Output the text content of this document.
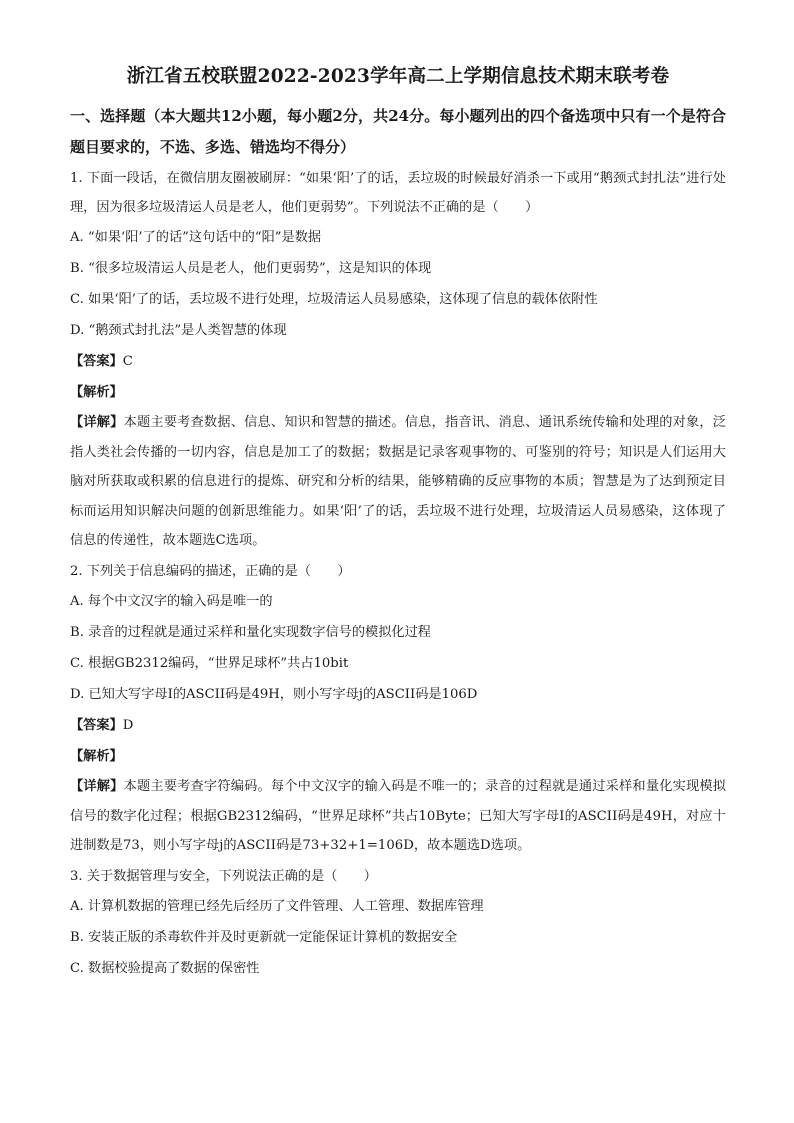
浙江省五校联盟2022-2023学年高二上学期信息技术期末联考卷
一、选择题（本大题共12小题，每小题2分，共24分。每小题列出的四个备选项中只有一个是符合题目要求的，不选、多选、错选均不得分）
1. 下面一段话，在微信朋友圈被刷屏：“如果‘阳’了的话，丢垃圾的时候最好消杀一下或用“鹅颈式封扎法”进行处理，因为很多垃圾清运人员是老人，他们更弱势”。下列说法不正确的是（　　）
A. “如果‘阳’了的话”这句话中的“阳”是数据
B. “很多垃圾清运人员是老人，他们更弱势”，这是知识的体现
C. 如果‘阳’了的话，丢垃圾不进行处理，垃圾清运人员易感染，这体现了信息的载体依附性
D. “鹅颈式封扎法”是人类智慧的体现
【答案】C
【解析】
【详解】本题主要考查数据、信息、知识和智慧的描述。信息，指音讯、消息、通讯系统传输和处理的对象，泛指人类社会传播的一切内容，信息是加工了的数据；数据是记录客观事物的、可鉴别的符号；知识是人们运用大脑对所获取或积累的信息进行的提炼、研究和分析的结果，能够精确的反应事物的本质；智慧是为了达到预定目标而运用知识解决问题的创新思维能力。如果‘阳’了的话，丢垃圾不进行处理，垃圾清运人员易感染，这体现了信息的传递性，故本题选C选项。
2. 下列关于信息编码的描述，正确的是（　　）
A. 每个中文汉字的输入码是唯一的
B. 录音的过程就是通过采样和量化实现数字信号的模拟化过程
C. 根据GB2312编码，“世界足球杯”共占10bit
D. 已知大写字母I的ASCII码是49H，则小写字母j的ASCII码是106D
【答案】D
【解析】
【详解】本题主要考查字符编码。每个中文汉字的输入码是不唯一的；录音的过程就是通过采样和量化实现模拟信号的数字化过程；根据GB2312编码，“世界足球杯”共占10Byte；已知大写字母I的ASCII码是49H，对应十进制数是73，则小写字母j的ASCII码是73+32+1=106D，故本题选D选项。
3. 关于数据管理与安全，下列说法正确的是（　　）
A. 计算机数据的管理已经先后经历了文件管理、人工管理、数据库管理
B. 安装正版的杀毒软件并及时更新就一定能保证计算机的数据安全
C. 数据校验提高了数据的保密性
